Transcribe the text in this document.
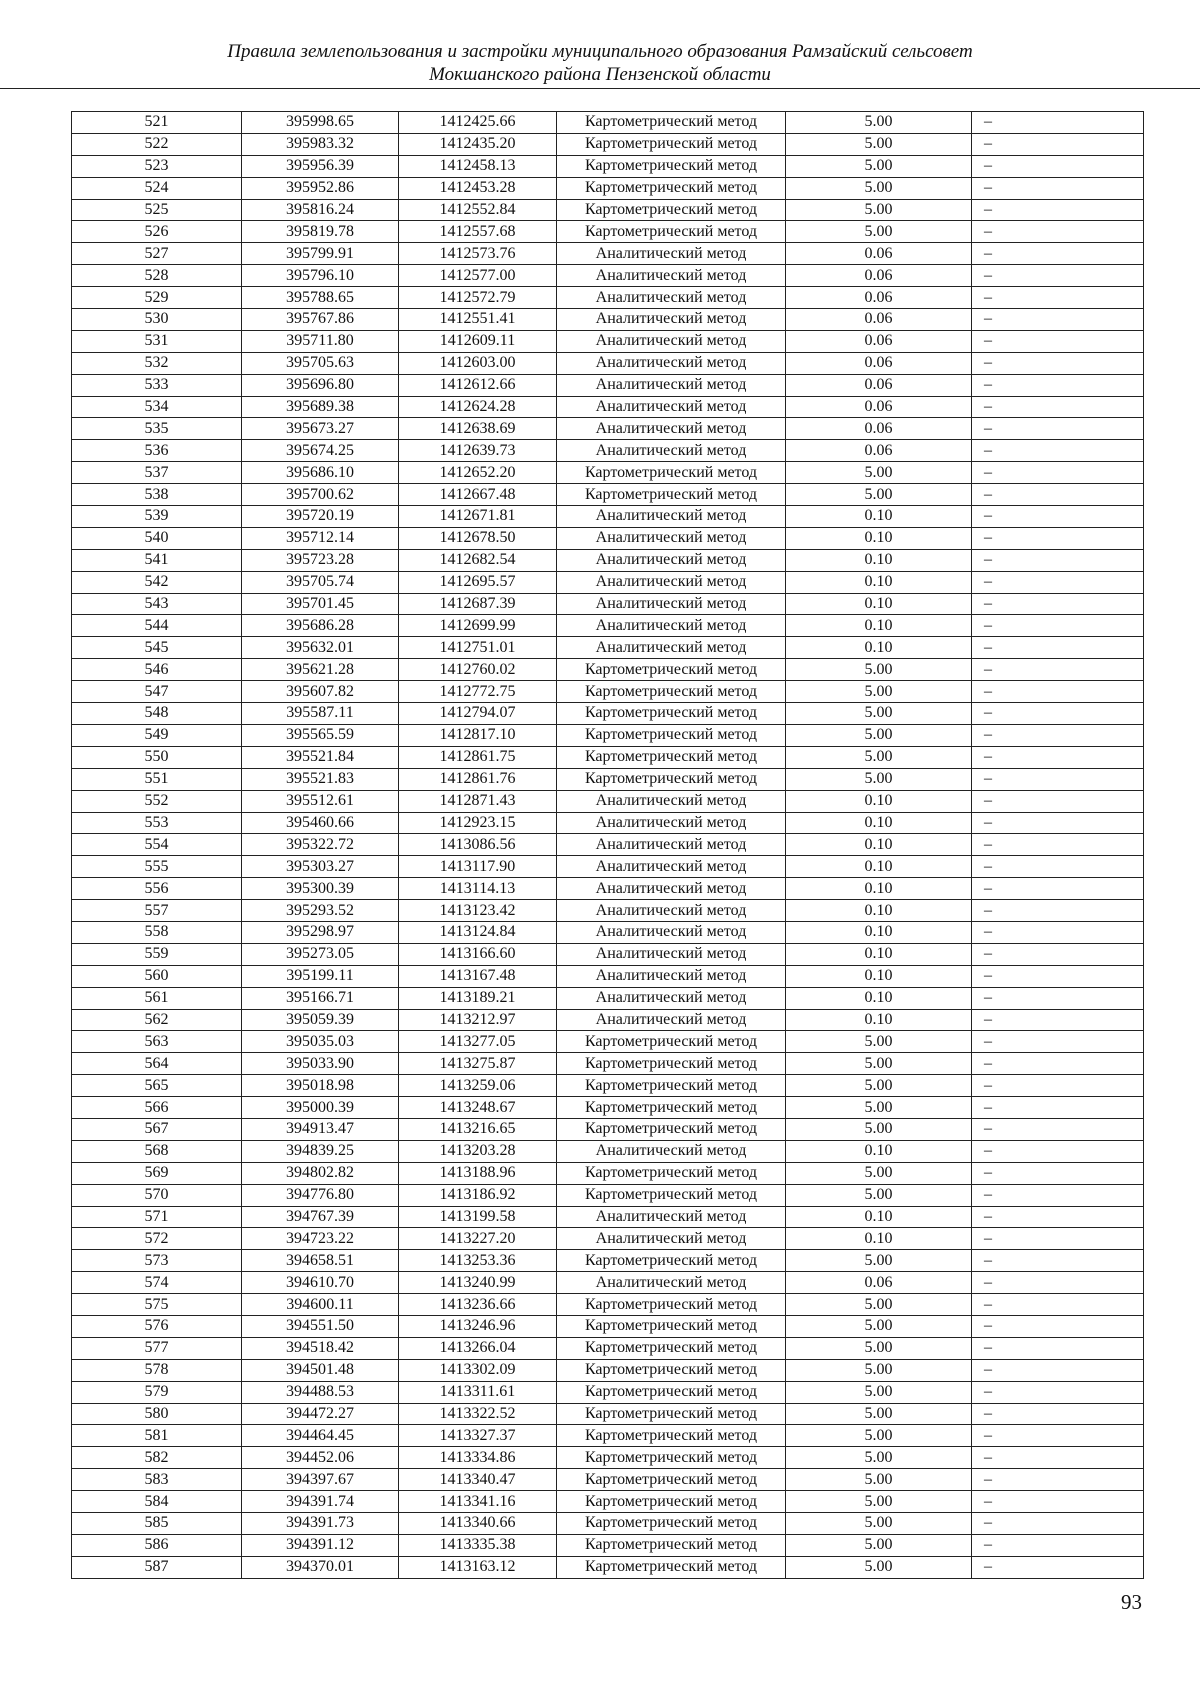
Правила землепользования и застройки муниципального образования Рамзайский сельсовет
Мокшанского района Пензенской области
521	395998.65	1412425.66	Картометрический метод	5.00	–
522	395983.32	1412435.20	Картометрический метод	5.00	–
523	395956.39	1412458.13	Картометрический метод	5.00	–
524	395952.86	1412453.28	Картометрический метод	5.00	–
525	395816.24	1412552.84	Картометрический метод	5.00	–
526	395819.78	1412557.68	Картометрический метод	5.00	–
527	395799.91	1412573.76	Аналитический метод	0.06	–
528	395796.10	1412577.00	Аналитический метод	0.06	–
529	395788.65	1412572.79	Аналитический метод	0.06	–
530	395767.86	1412551.41	Аналитический метод	0.06	–
531	395711.80	1412609.11	Аналитический метод	0.06	–
532	395705.63	1412603.00	Аналитический метод	0.06	–
533	395696.80	1412612.66	Аналитический метод	0.06	–
534	395689.38	1412624.28	Аналитический метод	0.06	–
535	395673.27	1412638.69	Аналитический метод	0.06	–
536	395674.25	1412639.73	Аналитический метод	0.06	–
537	395686.10	1412652.20	Картометрический метод	5.00	–
538	395700.62	1412667.48	Картометрический метод	5.00	–
539	395720.19	1412671.81	Аналитический метод	0.10	–
540	395712.14	1412678.50	Аналитический метод	0.10	–
541	395723.28	1412682.54	Аналитический метод	0.10	–
542	395705.74	1412695.57	Аналитический метод	0.10	–
543	395701.45	1412687.39	Аналитический метод	0.10	–
544	395686.28	1412699.99	Аналитический метод	0.10	–
545	395632.01	1412751.01	Аналитический метод	0.10	–
546	395621.28	1412760.02	Картометрический метод	5.00	–
547	395607.82	1412772.75	Картометрический метод	5.00	–
548	395587.11	1412794.07	Картометрический метод	5.00	–
549	395565.59	1412817.10	Картометрический метод	5.00	–
550	395521.84	1412861.75	Картометрический метод	5.00	–
551	395521.83	1412861.76	Картометрический метод	5.00	–
552	395512.61	1412871.43	Аналитический метод	0.10	–
553	395460.66	1412923.15	Аналитический метод	0.10	–
554	395322.72	1413086.56	Аналитический метод	0.10	–
555	395303.27	1413117.90	Аналитический метод	0.10	–
556	395300.39	1413114.13	Аналитический метод	0.10	–
557	395293.52	1413123.42	Аналитический метод	0.10	–
558	395298.97	1413124.84	Аналитический метод	0.10	–
559	395273.05	1413166.60	Аналитический метод	0.10	–
560	395199.11	1413167.48	Аналитический метод	0.10	–
561	395166.71	1413189.21	Аналитический метод	0.10	–
562	395059.39	1413212.97	Аналитический метод	0.10	–
563	395035.03	1413277.05	Картометрический метод	5.00	–
564	395033.90	1413275.87	Картометрический метод	5.00	–
565	395018.98	1413259.06	Картометрический метод	5.00	–
566	395000.39	1413248.67	Картометрический метод	5.00	–
567	394913.47	1413216.65	Картометрический метод	5.00	–
568	394839.25	1413203.28	Аналитический метод	0.10	–
569	394802.82	1413188.96	Картометрический метод	5.00	–
570	394776.80	1413186.92	Картометрический метод	5.00	–
571	394767.39	1413199.58	Аналитический метод	0.10	–
572	394723.22	1413227.20	Аналитический метод	0.10	–
573	394658.51	1413253.36	Картометрический метод	5.00	–
574	394610.70	1413240.99	Аналитический метод	0.06	–
575	394600.11	1413236.66	Картометрический метод	5.00	–
576	394551.50	1413246.96	Картометрический метод	5.00	–
577	394518.42	1413266.04	Картометрический метод	5.00	–
578	394501.48	1413302.09	Картометрический метод	5.00	–
579	394488.53	1413311.61	Картометрический метод	5.00	–
580	394472.27	1413322.52	Картометрический метод	5.00	–
581	394464.45	1413327.37	Картометрический метод	5.00	–
582	394452.06	1413334.86	Картометрический метод	5.00	–
583	394397.67	1413340.47	Картометрический метод	5.00	–
584	394391.74	1413341.16	Картометрический метод	5.00	–
585	394391.73	1413340.66	Картометрический метод	5.00	–
586	394391.12	1413335.38	Картометрический метод	5.00	–
587	394370.01	1413163.12	Картометрический метод	5.00	–
93
